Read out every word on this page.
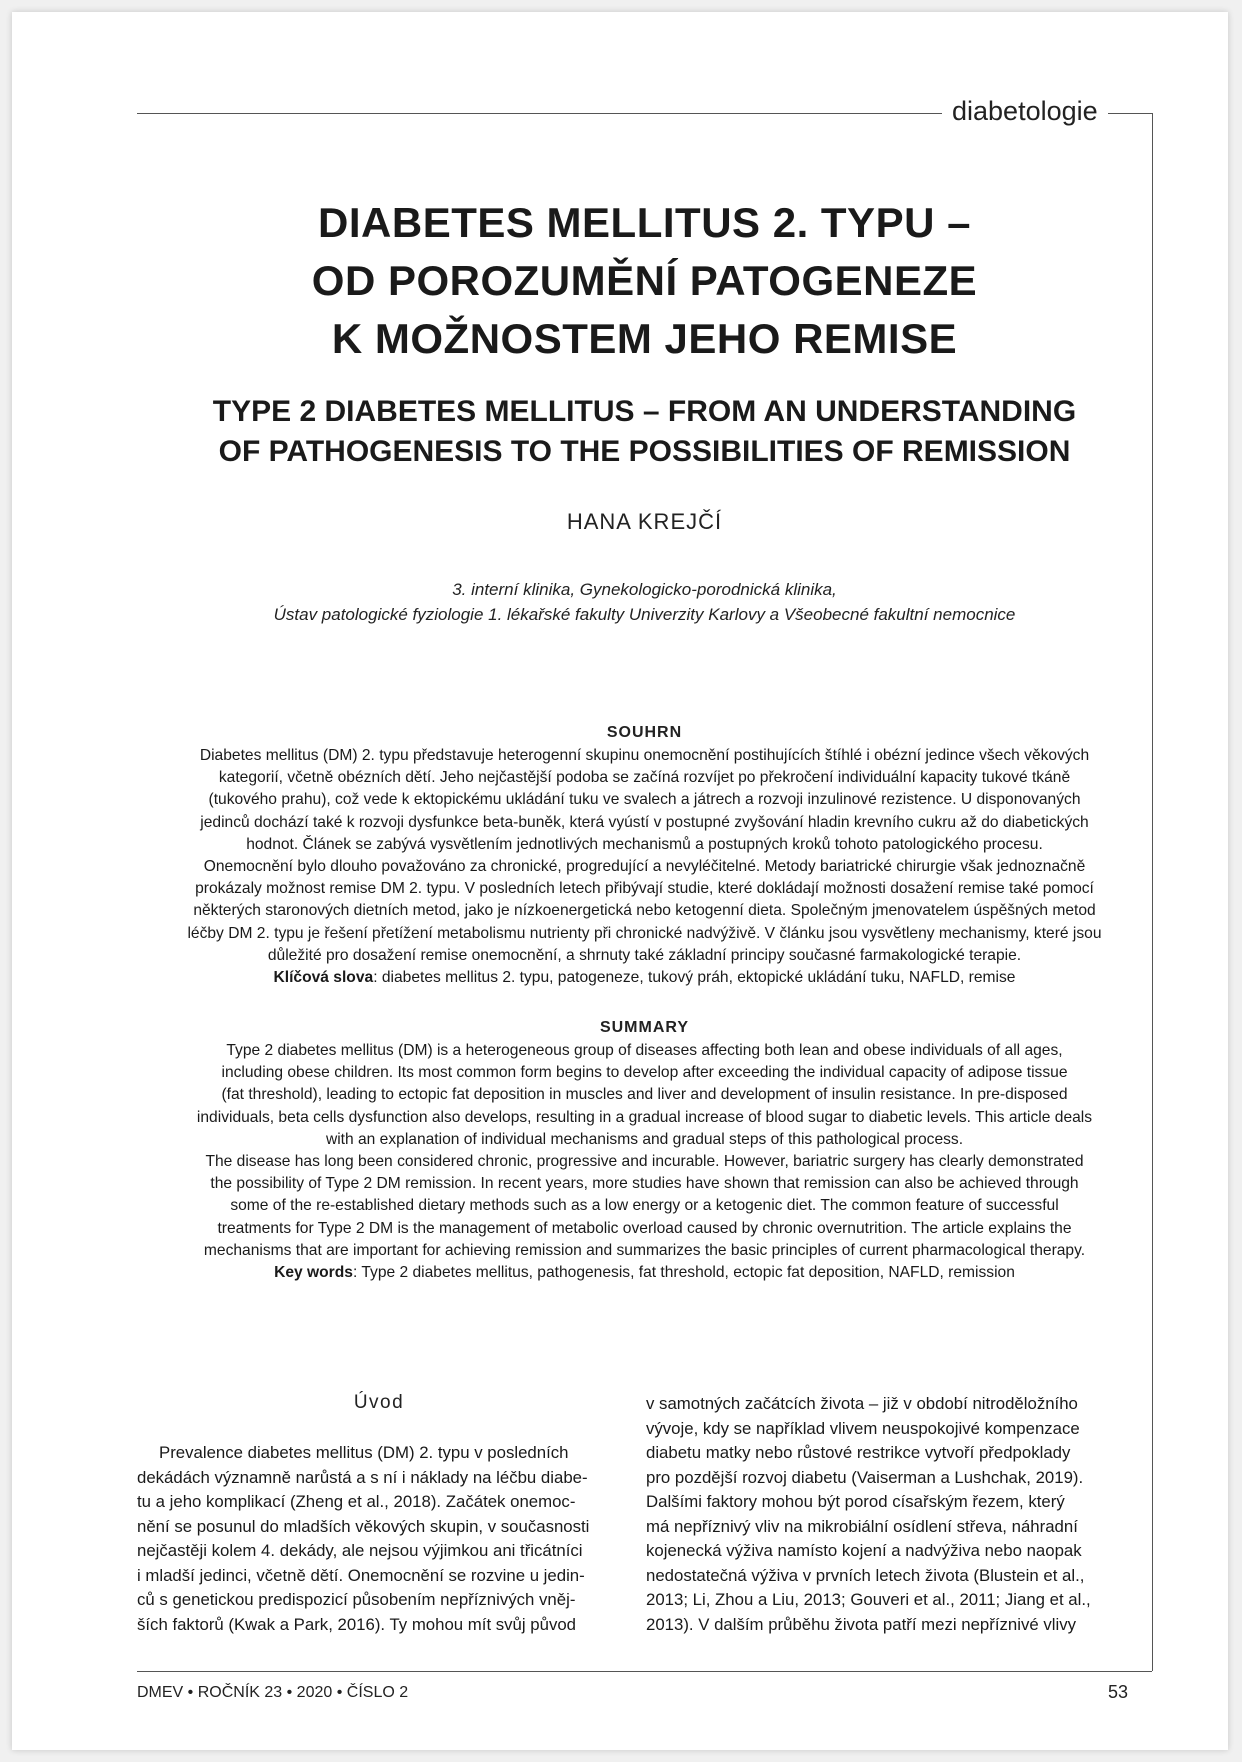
diabetologie
DIABETES MELLITUS 2. TYPU –
OD POROZUMĚNÍ PATOGENEZE
K MOŽNOSTEM JEHO REMISE
TYPE 2 DIABETES MELLITUS – FROM AN UNDERSTANDING
OF PATHOGENESIS TO THE POSSIBILITIES OF REMISSION
HANA KREJČÍ
3. interní klinika, Gynekologicko-porodnická klinika,
Ústav patologické fyziologie 1. lékařské fakulty Univerzity Karlovy a Všeobecné fakultní nemocnice
SOUHRN
Diabetes mellitus (DM) 2. typu představuje heterogenní skupinu onemocnění postihujících štíhlé i obézní jedince všech věkových
kategorií, včetně obézních dětí. Jeho nejčastější podoba se začíná rozvíjet po překročení individuální kapacity tukové tkáně
(tukového prahu), což vede k ektopickému ukládání tuku ve svalech a játrech a rozvoji inzulinové rezistence. U disponovaných
jedinců dochází také k rozvoji dysfunkce beta-buněk, která vyústí v postupné zvyšování hladin krevního cukru až do diabetických
hodnot. Článek se zabývá vysvětlením jednotlivých mechanismů a postupných kroků tohoto patologického procesu.
Onemocnění bylo dlouho považováno za chronické, progredující a nevyléčitelné. Metody bariatrické chirurgie však jednoznačně
prokázaly možnost remise DM 2. typu. V posledních letech přibývají studie, které dokládají možnosti dosažení remise také pomocí
některých staronových dietních metod, jako je nízkoenergetická nebo ketogenní dieta. Společným jmenovatelem úspěšných metod
léčby DM 2. typu je řešení přetížení metabolismu nutrienty při chronické nadvýživě. V článku jsou vysvětleny mechanismy, které jsou
důležité pro dosažení remise onemocnění, a shrnuty také základní principy současné farmakologické terapie.
Klíčová slova: diabetes mellitus 2. typu, patogeneze, tukový práh, ektopické ukládání tuku, NAFLD, remise
SUMMARY
Type 2 diabetes mellitus (DM) is a heterogeneous group of diseases affecting both lean and obese individuals of all ages,
including obese children. Its most common form begins to develop after exceeding the individual capacity of adipose tissue
(fat threshold), leading to ectopic fat deposition in muscles and liver and development of insulin resistance. In pre-disposed
individuals, beta cells dysfunction also develops, resulting in a gradual increase of blood sugar to diabetic levels. This article deals
with an explanation of individual mechanisms and gradual steps of this pathological process.
The disease has long been considered chronic, progressive and incurable. However, bariatric surgery has clearly demonstrated
the possibility of Type 2 DM remission. In recent years, more studies have shown that remission can also be achieved through
some of the re-established dietary methods such as a low energy or a ketogenic diet. The common feature of successful
treatments for Type 2 DM is the management of metabolic overload caused by chronic overnutrition. The article explains the
mechanisms that are important for achieving remission and summarizes the basic principles of current pharmacological therapy.
Key words: Type 2 diabetes mellitus, pathogenesis, fat threshold, ectopic fat deposition, NAFLD, remission
Úvod
Prevalence diabetes mellitus (DM) 2. typu v posledních
dekádách významně narůstá a s ní i náklady na léčbu diabe-
tu a jeho komplikací (Zheng et al., 2018). Začátek onemoc-
nění se posunul do mladších věkových skupin, v současnosti
nejčastěji kolem 4. dekády, ale nejsou výjimkou ani třicátníci
i mladší jedinci, včetně dětí. Onemocnění se rozvine u jedin-
ců s genetickou predispozicí působením nepříznivých vněj-
ších faktorů (Kwak a Park, 2016). Ty mohou mít svůj původ
v samotných začátcích života – již v období nitroděložního
vývoje, kdy se například vlivem neuspokojivé kompenzace
diabetu matky nebo růstové restrikce vytvoří předpoklady
pro pozdější rozvoj diabetu (Vaiserman a Lushchak, 2019).
Dalšími faktory mohou být porod císařským řezem, který
má nepříznivý vliv na mikrobiální osídlení střeva, náhradní
kojenecká výživa namísto kojení a nadvýživa nebo naopak
nedostatečná výživa v prvních letech života (Blustein et al.,
2013; Li, Zhou a Liu, 2013; Gouveri et al., 2011; Jiang et al.,
2013). V dalším průběhu života patří mezi nepříznivé vlivy
DMEV • ROČNÍK 23 • 2020 • ČÍSLO 2	53
